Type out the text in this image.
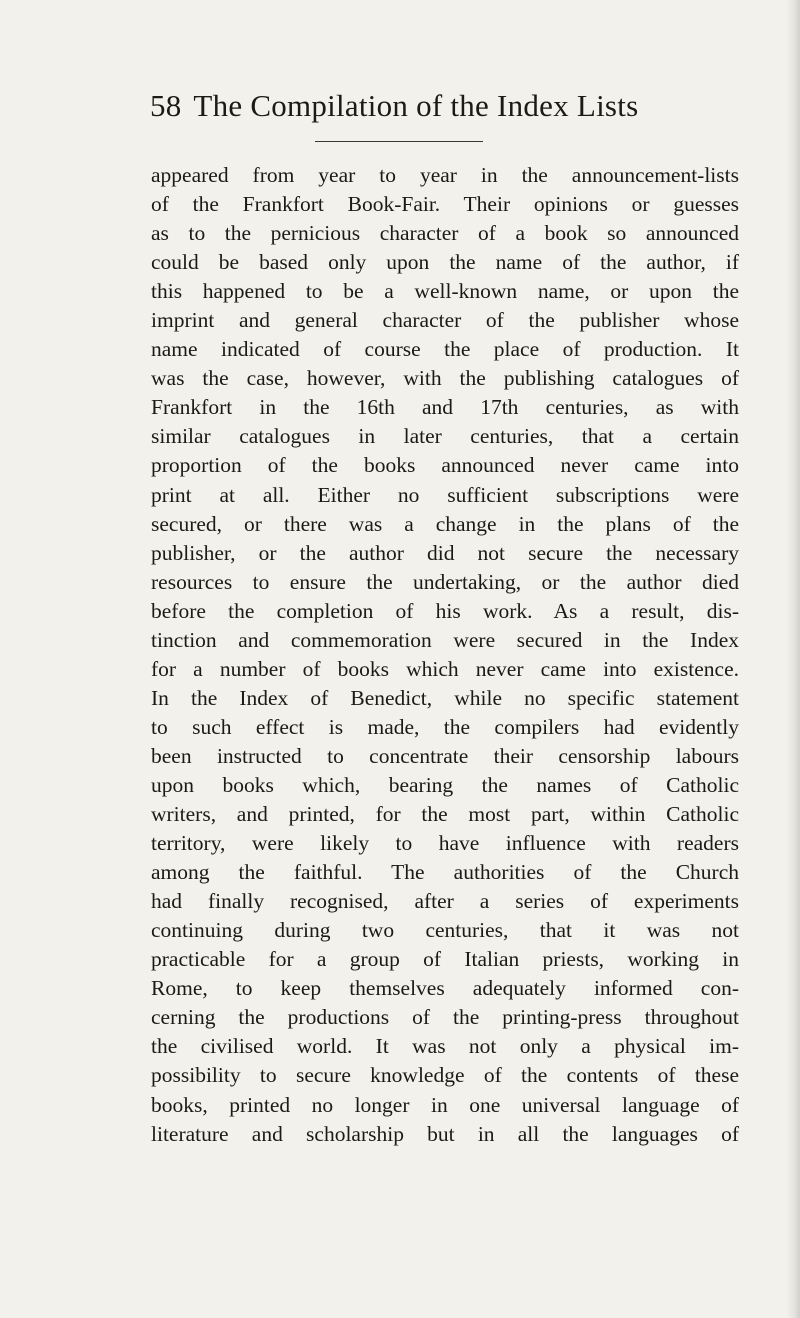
58 The Compilation of the Index Lists
appeared from year to year in the announcement-lists
of the Frankfort Book-Fair. Their opinions or guesses
as to the pernicious character of a book so announced
could be based only upon the name of the author, if
this happened to be a well-known name, or upon the
imprint and general character of the publisher whose
name indicated of course the place of production. It
was the case, however, with the publishing catalogues of
Frankfort in the 16th and 17th centuries, as with
similar catalogues in later centuries, that a certain
proportion of the books announced never came into
print at all. Either no sufficient subscriptions were
secured, or there was a change in the plans of the
publisher, or the author did not secure the necessary
resources to ensure the undertaking, or the author died
before the completion of his work. As a result, dis-
tinction and commemoration were secured in the Index
for a number of books which never came into existence.
In the Index of Benedict, while no specific statement
to such effect is made, the compilers had evidently
been instructed to concentrate their censorship labours
upon books which, bearing the names of Catholic
writers, and printed, for the most part, within Catholic
territory, were likely to have influence with readers
among the faithful. The authorities of the Church
had finally recognised, after a series of experiments
continuing during two centuries, that it was not
practicable for a group of Italian priests, working in
Rome, to keep themselves adequately informed con-
cerning the productions of the printing-press throughout
the civilised world. It was not only a physical im-
possibility to secure knowledge of the contents of these
books, printed no longer in one universal language of
literature and scholarship but in all the languages of
